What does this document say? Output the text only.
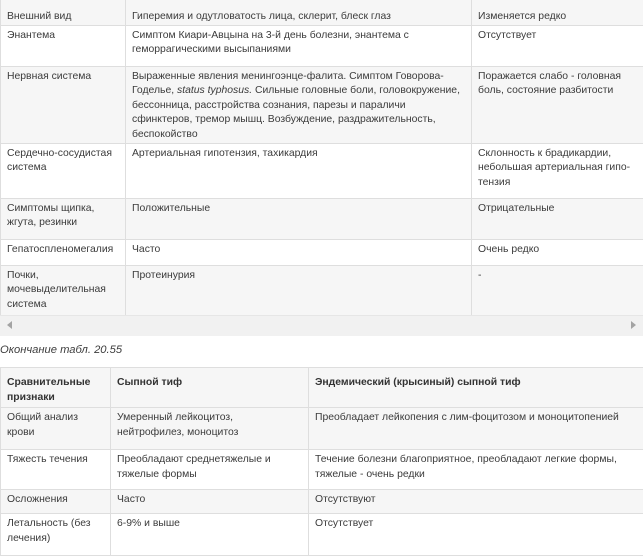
Внешний вид	Гиперемия и одутловатость лица, склерит, блеск глаз	Изменяется редко
Энантема	Симптом Киари-Авцына на 3-й день болезни, энантема с геморрагическими высыпаниями	Отсутствует
Нервная система	Выраженные явления менингоэнце-фалита. Симптом Говорова-Годелье, status typhosus. Сильные головные боли, головокружение, бессонница, расстройства сознания, парезы и параличи сфинктеров, тремор мышц. Возбуждение, раздражительность, беспокойство	Поражается слабо - головная боль, состояние разбитости
Сердечно-сосудистая система	Артериальная гипотензия, тахикардия	Склонность к брадикардии, небольшая артериальная гипо-тензия
Симптомы щипка, жгута, резинки	Положительные	Отрицательные
Гепатоспленомегалия	Часто	Очень редко
Почки, мочевыделительная система	Протеинурия	-
Окончание табл. 20.55
Сравнительные признаки	Сыпной тиф	Эндемический (крысиный) сыпной тиф
Общий анализ крови	Умеренный лейкоцитоз, нейтрофилез, моноцитоз	Преобладает лейкопения с лим-фоцитозом и моноцитопенией
Тяжесть течения	Преобладают среднетяжелые и тяжелые формы	Течение болезни благоприятное, преобладают легкие формы, тяжелые - очень редки
Осложнения	Часто	Отсутствуют
Летальность (без лечения)	6-9% и выше	Отсутствует
